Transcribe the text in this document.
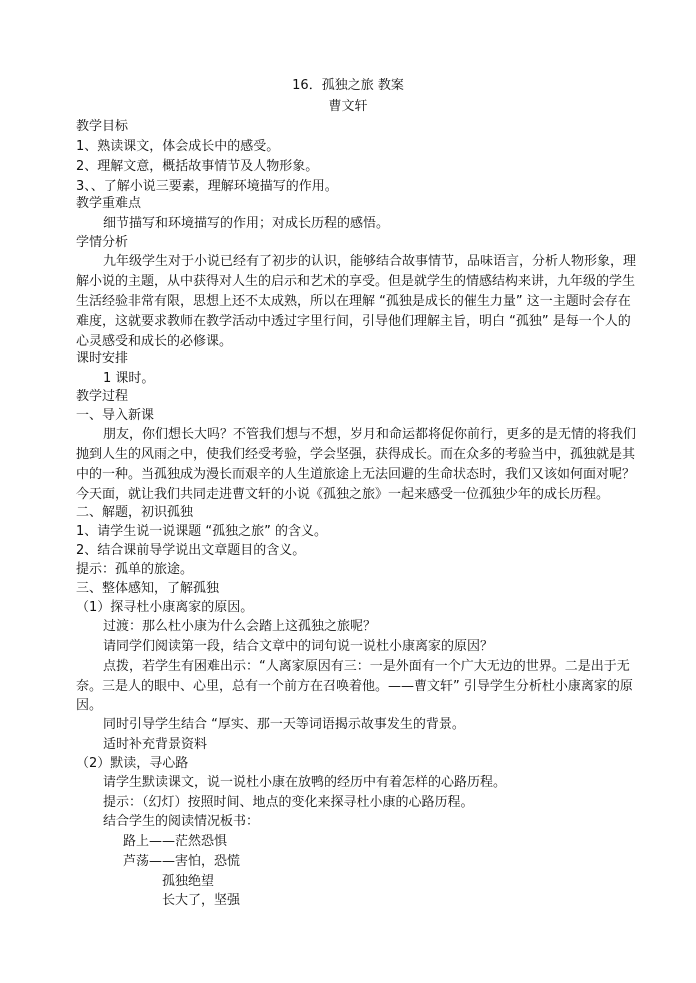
16．孤独之旅 教案
曹文轩
教学目标
1、熟读课文，体会成长中的感受。
2、理解文意，概括故事情节及人物形象。
3、、了解小说三要素，理解环境描写的作用。
教学重难点
细节描写和环境描写的作用；对成长历程的感悟。
学情分析
九年级学生对于小说已经有了初步的认识，能够结合故事情节，品味语言，分析人物形象，理
解小说的主题，从中获得对人生的启示和艺术的享受。但是就学生的情感结构来讲，九年级的学生
生活经验非常有限，思想上还不太成熟，所以在理解 “孤独是成长的催生力量” 这一主题时会存在
难度，这就要求教师在教学活动中透过字里行间，引导他们理解主旨，明白 “孤独” 是每一个人的
心灵感受和成长的必修课。
课时安排
1 课时。
教学过程
一、导入新课
朋友，你们想长大吗？不管我们想与不想，岁月和命运都将促你前行，更多的是无情的将我们
抛到人生的风雨之中，使我们经受考验，学会坚强，获得成长。而在众多的考验当中，孤独就是其
中的一种。当孤独成为漫长而艰辛的人生道旅途上无法回避的生命状态时，我们又该如何面对呢？
今天面，就让我们共同走进曹文轩的小说《孤独之旅》一起来感受一位孤独少年的成长历程。
二、解题，初识孤独
1、请学生说一说课题 “孤独之旅” 的含义。
2、结合课前导学说出文章题目的含义。
提示：孤单的旅途。
三、整体感知，了解孤独
（1）探寻杜小康离家的原因。
过渡：那么杜小康为什么会踏上这孤独之旅呢？
请同学们阅读第一段，结合文章中的词句说一说杜小康离家的原因？
点拨，若学生有困难出示：“人离家原因有三：一是外面有一个广大无边的世界。二是出于无
奈。三是人的眼中、心里，总有一个前方在召唤着他。——曹文轩” 引导学生分析杜小康离家的原
因。
同时引导学生结合 “厚实、那一天等词语揭示故事发生的背景。
适时补充背景资料
（2）默读，寻心路
请学生默读课文，说一说杜小康在放鸭的经历中有着怎样的心路历程。
提示：（幻灯）按照时间、地点的变化来探寻杜小康的心路历程。
结合学生的阅读情况板书：
路上——茫然恐惧
芦荡——害怕，恐慌
孤独绝望
长大了，坚强
